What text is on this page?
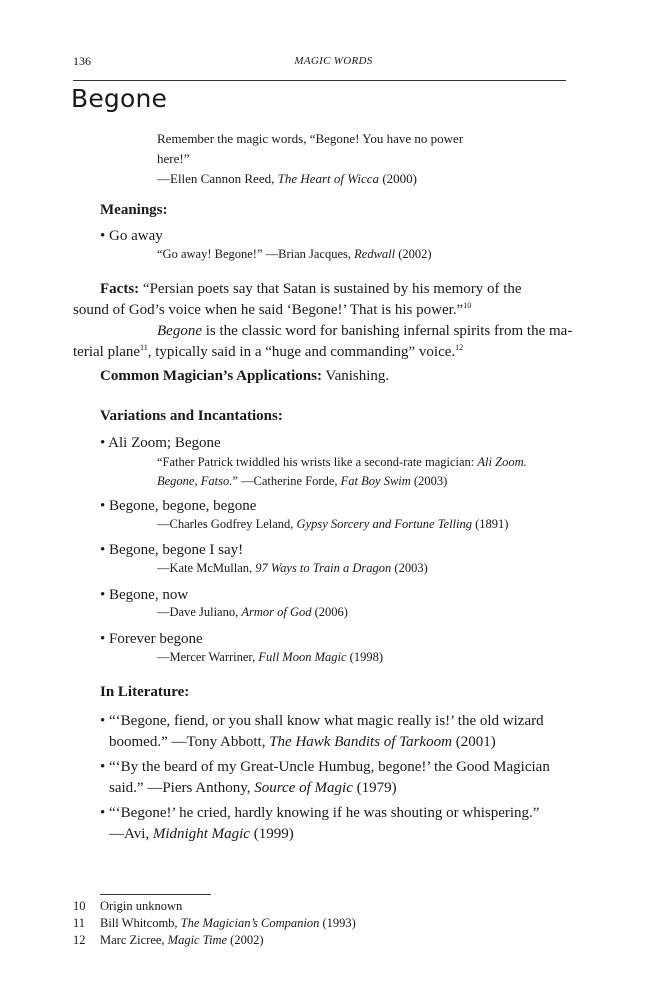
136	MAGIC WORDS
Begone
Remember the magic words, “Begone! You have no power
here!”
—Ellen Cannon Reed, The Heart of Wicca (2000)
Meanings:
• Go away
“Go away! Begone!” —Brian Jacques, Redwall (2002)
Facts: “Persian poets say that Satan is sustained by his memory of the
sound of God’s voice when he said ‘Begone!’ That is his power.”$^{10}$
Begone is the classic word for banishing infernal spirits from the ma-
terial plane$^{11}$, typically said in a “huge and commanding” voice.$^{12}$
Common Magician’s Applications: Vanishing.
Variations and Incantations:
• Ali Zoom; Begone
“Father Patrick twiddled his wrists like a second-rate magician: Ali Zoom.
Begone, Fatso.” —Catherine Forde, Fat Boy Swim (2003)
• Begone, begone, begone
—Charles Godfrey Leland, Gypsy Sorcery and Fortune Telling (1891)
• Begone, begone I say!
—Kate McMullan, 97 Ways to Train a Dragon (2003)
• Begone, now
—Dave Juliano, Armor of God (2006)
• Forever begone
—Mercer Warriner, Full Moon Magic (1998)
In Literature:
• “‘Begone, fiend, or you shall know what magic really is!’ the old wizard
boomed.” —Tony Abbott, The Hawk Bandits of Tarkoom (2001)
• “‘By the beard of my Great-Uncle Humbug, begone!’ the Good Magician
said.” —Piers Anthony, Source of Magic (1979)
• “‘Begone!’ he cried, hardly knowing if he was shouting or whispering.”
—Avi, Midnight Magic (1999)
10 Origin unknown
11 Bill Whitcomb, The Magician’s Companion (1993)
12 Marc Zicree, Magic Time (2002)
